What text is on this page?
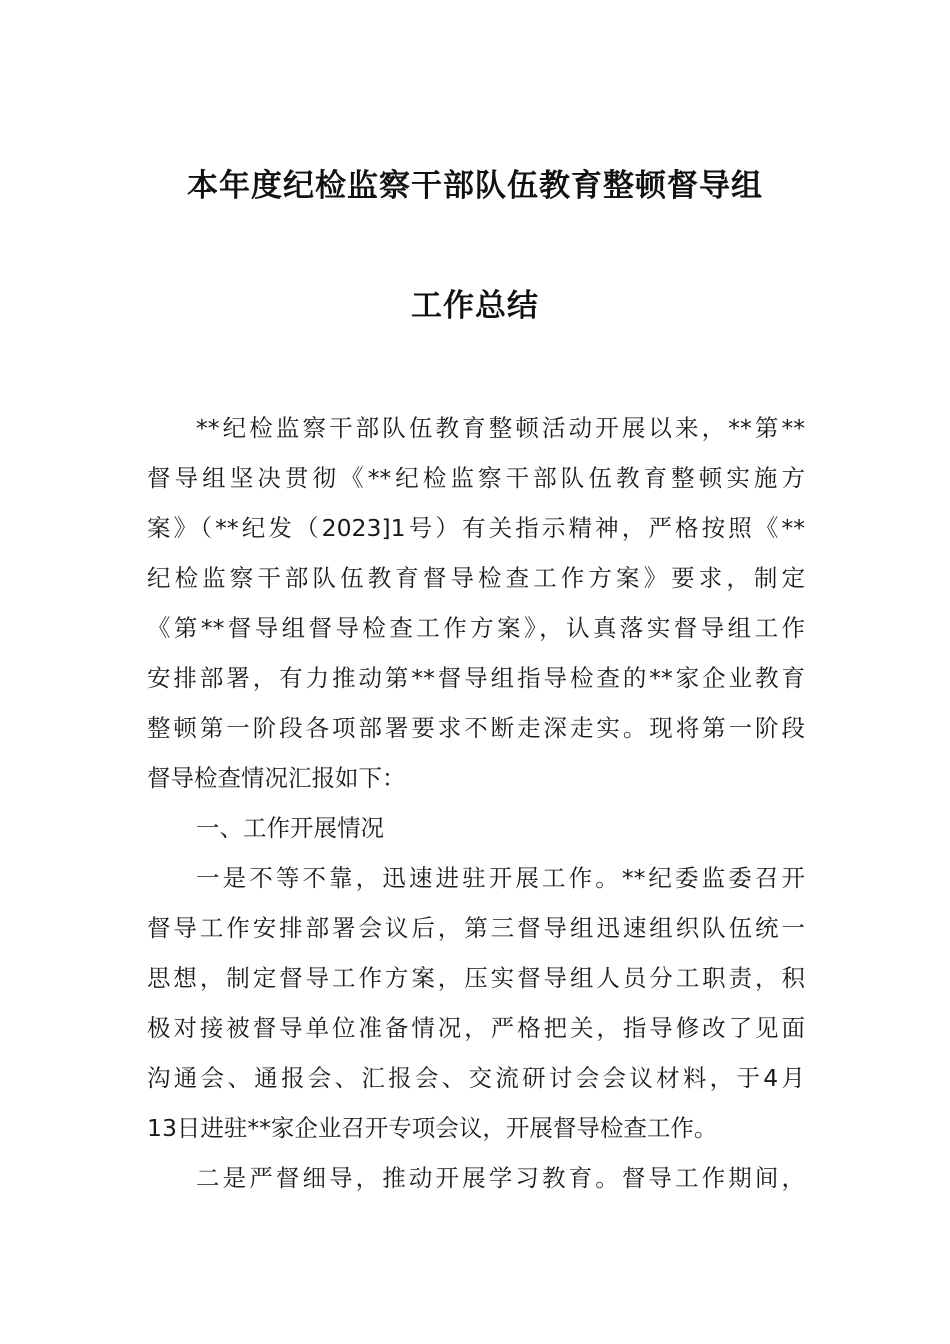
本年度纪检监察干部队伍教育整顿督导组
工作总结
**纪检监察干部队伍教育整顿活动开展以来，**第**
督导组坚决贯彻《**纪检监察干部队伍教育整顿实施方
案》（**纪发（2023]1号）有关指示精神，严格按照《**
纪检监察干部队伍教育督导检查工作方案》要求，制定
《第**督导组督导检查工作方案》，认真落实督导组工作
安排部署，有力推动第**督导组指导检查的**家企业教育
整顿第一阶段各项部署要求不断走深走实。现将第一阶段
督导检查情况汇报如下：
一、工作开展情况
一是不等不靠，迅速进驻开展工作。**纪委监委召开
督导工作安排部署会议后，第三督导组迅速组织队伍统一
思想，制定督导工作方案，压实督导组人员分工职责，积
极对接被督导单位准备情况，严格把关，指导修改了见面
沟通会、通报会、汇报会、交流研讨会会议材料，于4月
13日进驻**家企业召开专项会议，开展督导检查工作。
二是严督细导，推动开展学习教育。督导工作期间，
